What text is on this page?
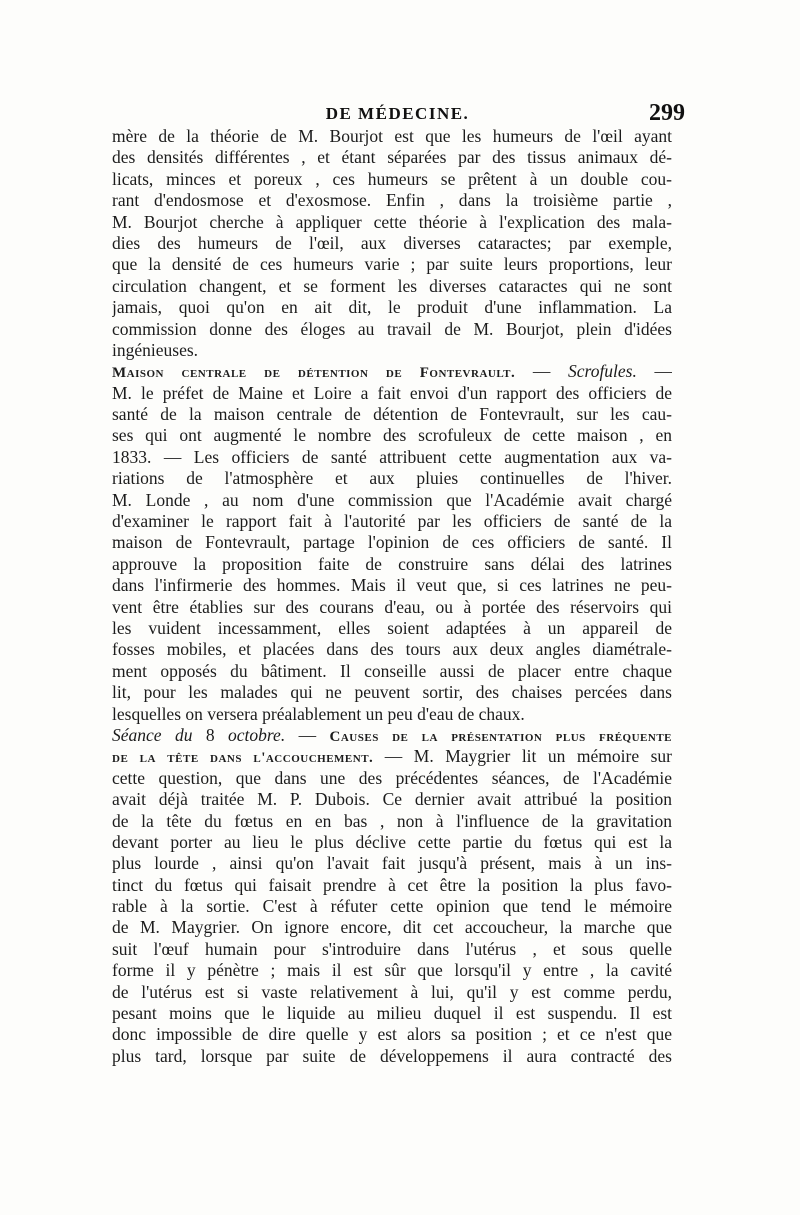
DE MÉDECINE.	299
mère de la théorie de M. Bourjot est que les humeurs de l'œil ayant
des densités différentes , et étant séparées par des tissus animaux dé-
licats, minces et poreux , ces humeurs se prêtent à un double cou-
rant d'endosmose et d'exosmose. Enfin , dans la troisième partie ,
M. Bourjot cherche à appliquer cette théorie à l'explication des mala-
dies des humeurs de l'œil, aux diverses cataractes; par exemple,
que la densité de ces humeurs varie ; par suite leurs proportions, leur
circulation changent, et se forment les diverses cataractes qui ne sont
jamais, quoi qu'on en ait dit, le produit d'une inflammation. La
commission donne des éloges au travail de M. Bourjot, plein d'idées
ingénieuses.
Maison centrale de détention de Fontevrault. — Scrofules. —
M. le préfet de Maine et Loire a fait envoi d'un rapport des officiers de
santé de la maison centrale de détention de Fontevrault, sur les cau-
ses qui ont augmenté le nombre des scrofuleux de cette maison , en
1833. — Les officiers de santé attribuent cette augmentation aux va-
riations de l'atmosphère et aux pluies continuelles de l'hiver.
M. Londe , au nom d'une commission que l'Académie avait chargé
d'examiner le rapport fait à l'autorité par les officiers de santé de la
maison de Fontevrault, partage l'opinion de ces officiers de santé. Il
approuve la proposition faite de construire sans délai des latrines
dans l'infirmerie des hommes. Mais il veut que, si ces latrines ne peu-
vent être établies sur des courans d'eau, ou à portée des réservoirs qui
les vuident incessamment, elles soient adaptées à un appareil de
fosses mobiles, et placées dans des tours aux deux angles diamétrale-
ment opposés du bâtiment. Il conseille aussi de placer entre chaque
lit, pour les malades qui ne peuvent sortir, des chaises percées dans
lesquelles on versera préalablement un peu d'eau de chaux.
Séance du 8 octobre. — Causes de la présentation plus fréquente
de la tête dans l'accouchement. — M. Maygrier lit un mémoire sur
cette question, que dans une des précédentes séances, de l'Académie
avait déjà traitée M. P. Dubois. Ce dernier avait attribué la position
de la tête du fœtus en en bas , non à l'influence de la gravitation
devant porter au lieu le plus déclive cette partie du fœtus qui est la
plus lourde , ainsi qu'on l'avait fait jusqu'à présent, mais à un ins-
tinct du fœtus qui faisait prendre à cet être la position la plus favo-
rable à la sortie. C'est à réfuter cette opinion que tend le mémoire
de M. Maygrier. On ignore encore, dit cet accoucheur, la marche que
suit l'œuf humain pour s'introduire dans l'utérus , et sous quelle
forme il y pénètre ; mais il est sûr que lorsqu'il y entre , la cavité
de l'utérus est si vaste relativement à lui, qu'il y est comme perdu,
pesant moins que le liquide au milieu duquel il est suspendu. Il est
donc impossible de dire quelle y est alors sa position ; et ce n'est que
plus tard, lorsque par suite de développemens il aura contracté des
